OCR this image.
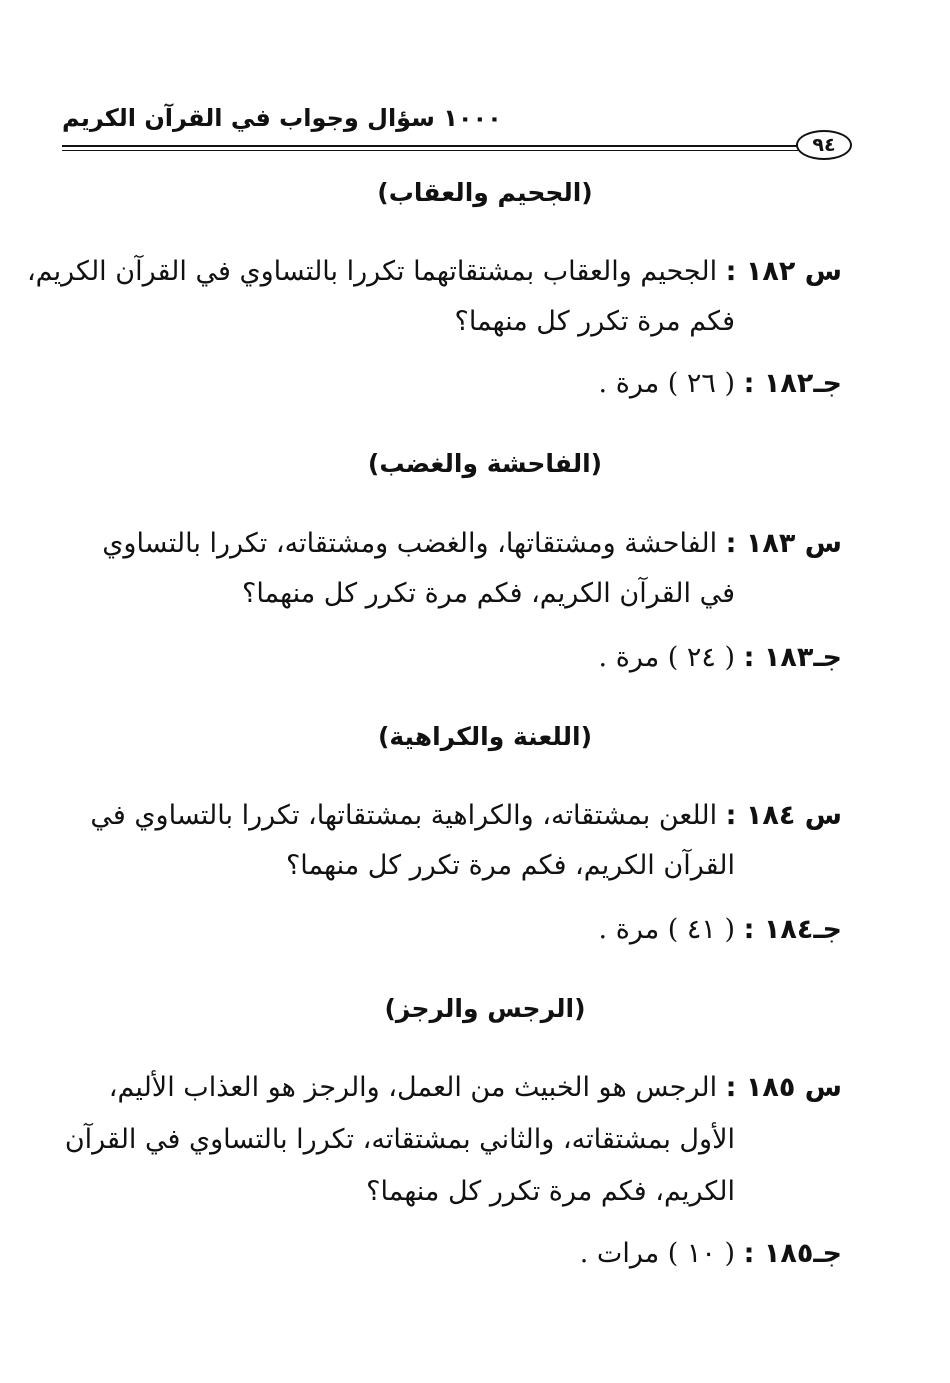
١٠٠٠ سؤال وجواب في القرآن الكريم
٩٤
(الجحيم والعقاب)
س ١٨٢ : الجحيم والعقاب بمشتقاتهما تكررا بالتساوي في القرآن الكريم،
فكم مرة تكرر كل منهما؟
جـ١٨٢ : ( ٢٦ ) مرة .
(الفاحشة والغضب)
س ١٨٣ : الفاحشة ومشتقاتها، والغضب ومشتقاته، تكررا بالتساوي
في القرآن الكريم، فكم مرة تكرر كل منهما؟
جـ١٨٣ : ( ٢٤ ) مرة .
(اللعنة والكراهية)
س ١٨٤ : اللعن بمشتقاته، والكراهية بمشتقاتها، تكررا بالتساوي في
القرآن الكريم، فكم مرة تكرر كل منهما؟
جـ١٨٤ : ( ٤١ ) مرة .
(الرجس والرجز)
س ١٨٥ : الرجس هو الخبيث من العمل، والرجز هو العذاب الأليم،
الأول بمشتقاته، والثاني بمشتقاته، تكررا بالتساوي في القرآن
الكريم، فكم مرة تكرر كل منهما؟
جـ١٨٥ : ( ١٠ ) مرات .
